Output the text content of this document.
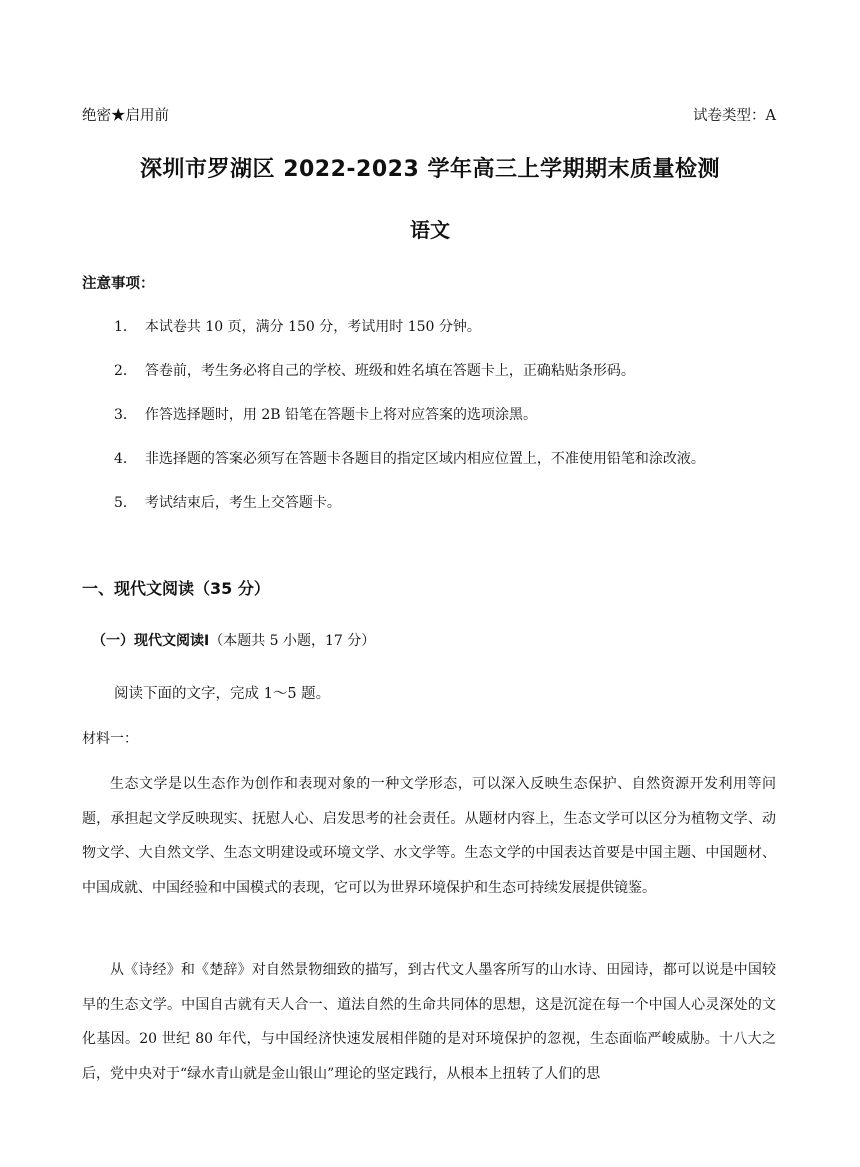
绝密★启用前	试卷类型：A
深圳市罗湖区 2022-2023 学年高三上学期期末质量检测
语文
注意事项：
1． 本试卷共 10 页，满分 150 分，考试用时 150 分钟。
2． 答卷前，考生务必将自己的学校、班级和姓名填在答题卡上，正确粘贴条形码。
3． 作答选择题时，用 2B 铅笔在答题卡上将对应答案的选项涂黑。
4． 非选择题的答案必须写在答题卡各题目的指定区域内相应位置上，不准使用铅笔和涂改液。
5． 考试结束后，考生上交答题卡。
一、现代文阅读（35 分）
（一）现代文阅读Ⅰ（本题共 5 小题，17 分）
阅读下面的文字，完成 1～5 题。
材料一：

生态文学是以生态作为创作和表现对象的一种文学形态，可以深入反映生态保护、自然资源开发利用等问题，承担起文学反映现实、抚慰人心、启发思考的社会责任。从题材内容上，生态文学可以区分为植物文学、动物文学、大自然文学、生态文明建设或环境文学、水文学等。生态文学的中国表达首要是中国主题、中国题材、中国成就、中国经验和中国模式的表现，它可以为世界环境保护和生态可持续发展提供镜鉴。

从《诗经》和《楚辞》对自然景物细致的描写，到古代文人墨客所写的山水诗、田园诗，都可以说是中国较早的生态文学。中国自古就有天人合一、道法自然的生命共同体的思想，这是沉淀在每一个中国人心灵深处的文化基因。20 世纪 80 年代，与中国经济快速发展相伴随的是对环境保护的忽视，生态面临严峻威胁。十八大之后，党中央对于“绿水青山就是金山银山”理论的坚定践行，从根本上扭转了人们的思
